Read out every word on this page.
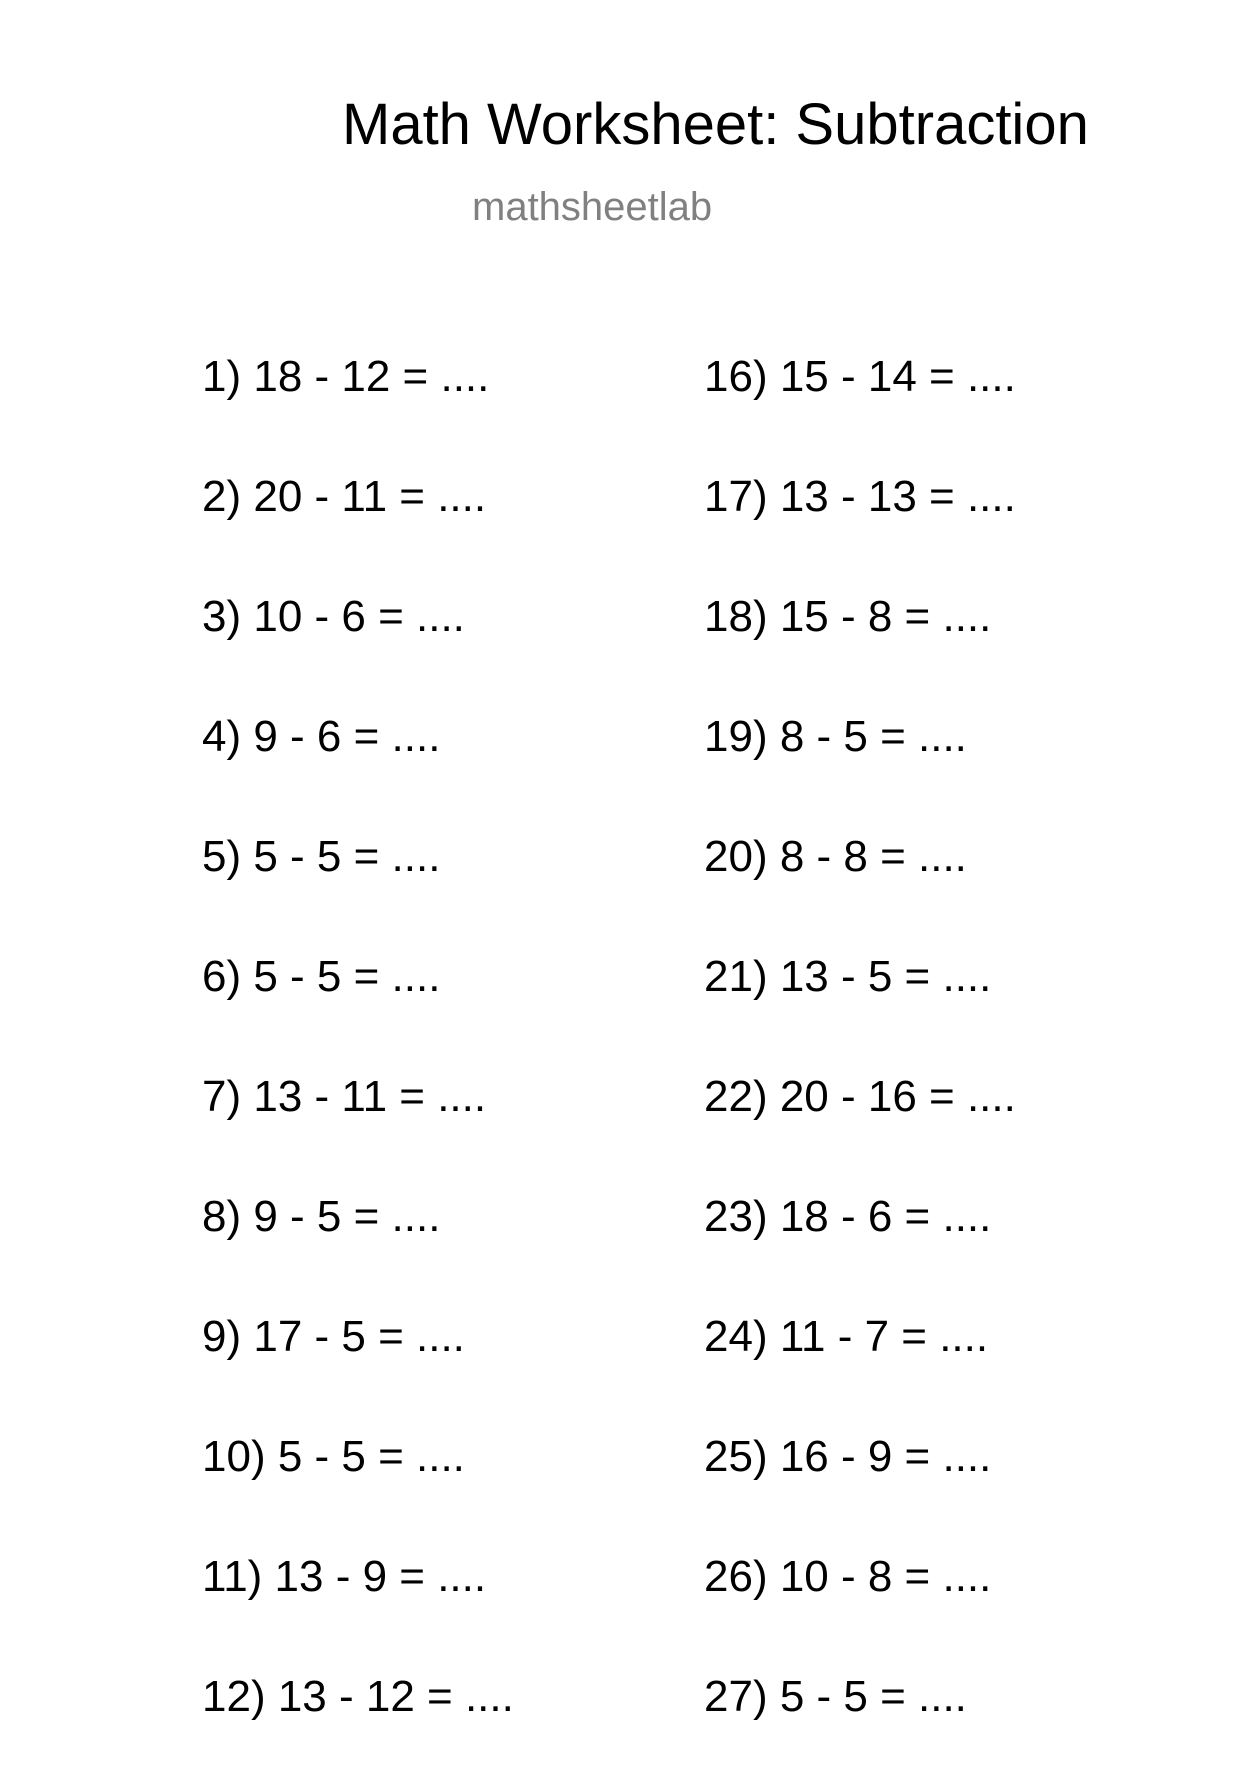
Math Worksheet: Subtraction
mathsheetlab
1) 18 - 12 = ....
2) 20 - 11 = ....
3) 10 - 6 = ....
4) 9 - 6 = ....
5) 5 - 5 = ....
6) 5 - 5 = ....
7) 13 - 11 = ....
8) 9 - 5 = ....
9) 17 - 5 = ....
10) 5 - 5 = ....
11) 13 - 9 = ....
12) 13 - 12 = ....
16) 15 - 14 = ....
17) 13 - 13 = ....
18) 15 - 8 = ....
19) 8 - 5 = ....
20) 8 - 8 = ....
21) 13 - 5 = ....
22) 20 - 16 = ....
23) 18 - 6 = ....
24) 11 - 7 = ....
25) 16 - 9 = ....
26) 10 - 8 = ....
27) 5 - 5 = ....
